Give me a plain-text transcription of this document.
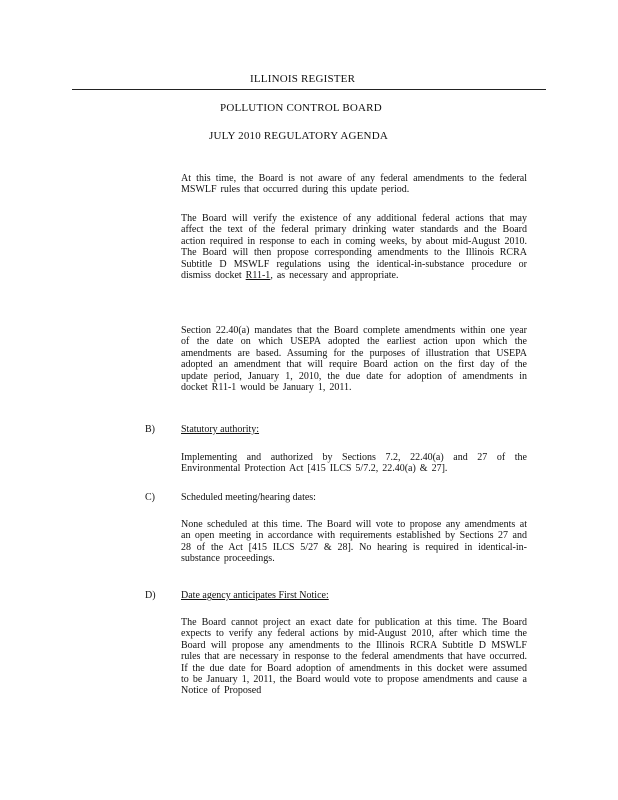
ILLINOIS REGISTER
POLLUTION CONTROL BOARD
JULY 2010 REGULATORY AGENDA

At this time, the Board is not aware of any federal amendments to the federal MSWLF rules that occurred during this update period.

The Board will verify the existence of any additional federal actions that may affect the text of the federal primary drinking water standards and the Board action required in response to each in coming weeks, by about mid-August 2010. The Board will then propose corresponding amendments to the Illinois RCRA Subtitle D MSWLF regulations using the identical-in-substance procedure or dismiss docket R11-1, as necessary and appropriate.

Section 22.40(a) mandates that the Board complete amendments within one year of the date on which USEPA adopted the earliest action upon which the amendments are based. Assuming for the purposes of illustration that USEPA adopted an amendment that will require Board action on the first day of the update period, January 1, 2010, the due date for adoption of amendments in docket R11-1 would be January 1, 2011.

B)	Statutory authority:

Implementing and authorized by Sections 7.2, 22.40(a) and 27 of the Environmental Protection Act [415 ILCS 5/7.2, 22.40(a) & 27].

C)	Scheduled meeting/hearing dates:

None scheduled at this time. The Board will vote to propose any amendments at an open meeting in accordance with requirements established by Sections 27 and 28 of the Act [415 ILCS 5/27 & 28]. No hearing is required in identical-in-substance proceedings.

D)	Date agency anticipates First Notice:

The Board cannot project an exact date for publication at this time. The Board expects to verify any federal actions by mid-August 2010, after which time the Board will propose any amendments to the Illinois RCRA Subtitle D MSWLF rules that are necessary in response to the federal amendments that have occurred. If the due date for Board adoption of amendments in this docket were assumed to be January 1, 2011, the Board would vote to propose amendments and cause a Notice of Proposed
